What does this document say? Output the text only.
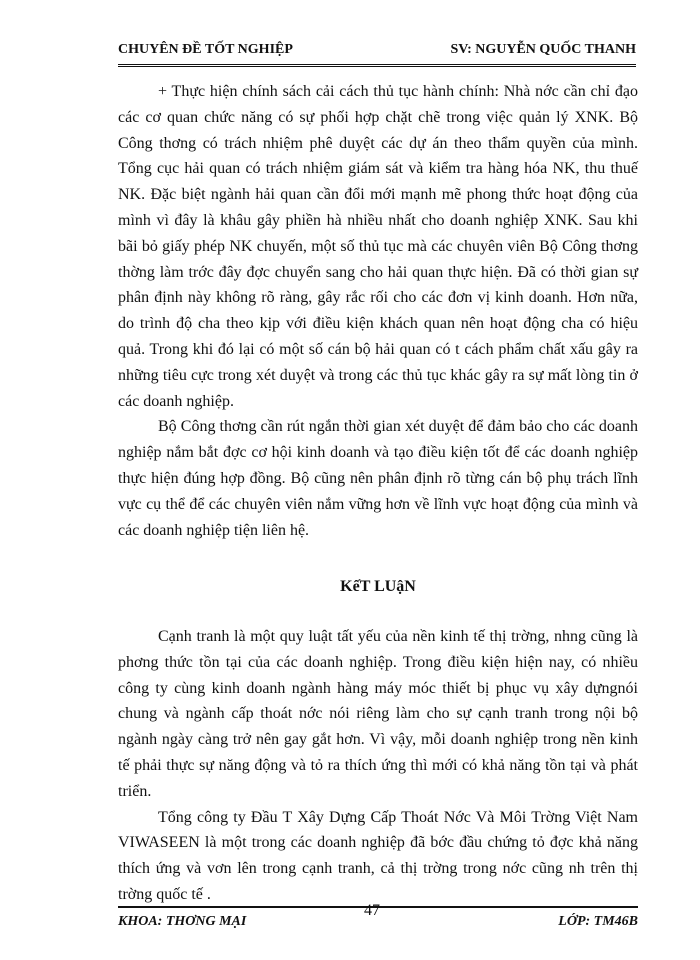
CHUYÊN ĐỀ TỐT NGHIỆP	SV: NGUYỄN QUỐC THANH

+ Thực hiện chính sách cải cách thủ tục hành chính: Nhà nớc cần chỉ đạo các cơ quan chức năng có sự phối hợp chặt chẽ trong việc quản lý XNK. Bộ Công thơng có trách nhiệm phê duyệt các dự án theo thẩm quyền của mình. Tổng cục hải quan có trách nhiệm giám sát và kiểm tra hàng hóa NK, thu thuế NK. Đặc biệt ngành hải quan cần đổi mới mạnh mẽ phong thức hoạt động của mình vì đây là khâu gây phiền hà nhiều nhất cho doanh nghiệp XNK. Sau khi bãi bỏ giấy phép NK chuyến, một số thủ tục mà các chuyên viên Bộ Công thơng thờng làm trớc đây đợc chuyển sang cho hải quan thực hiện. Đã có thời gian sự phân định này không rõ ràng, gây rắc rối cho các đơn vị kinh doanh. Hơn nữa, do trình độ cha theo kịp với điều kiện khách quan nên hoạt động cha có hiệu quả. Trong khi đó lại có một số cán bộ hải quan có t cách phẩm chất xấu gây ra những tiêu cực trong xét duyệt và trong các thủ tục khác gây ra sự mất lòng tin ở các doanh nghiệp.

Bộ Công thơng cần rút ngắn thời gian xét duyệt để đảm bảo cho các doanh nghiệp nắm bắt đợc cơ hội kinh doanh và tạo điều kiện tốt để các doanh nghiệp thực hiện đúng hợp đồng. Bộ cũng nên phân định rõ từng cán bộ phụ trách lĩnh vực cụ thể để các chuyên viên nắm vững hơn về lĩnh vực hoạt động của mình và các doanh nghiệp tiện liên hệ.

KếT LUậN

Cạnh tranh là một quy luật tất yếu của nền kinh tế thị trờng, nhng cũng là phơng thức tồn tại của các doanh nghiệp. Trong điều kiện hiện nay, có nhiều công ty cùng kinh doanh ngành hàng máy móc thiết bị phục vụ xây dựngnói chung và ngành cấp thoát nớc nói riêng làm cho sự cạnh tranh trong nội bộ ngành ngày càng trở nên gay gắt hơn. Vì vậy, mỗi doanh nghiệp trong nền kinh tế phải thực sự năng động và tỏ ra thích ứng thì mới có khả năng tồn tại và phát triển.

Tổng công ty Đầu T Xây Dựng Cấp Thoát Nớc Và Môi Trờng Việt Nam VIWASEEN là một trong các doanh nghiệp đã bớc đầu chứng tỏ đợc khả năng thích ứng và vơn lên trong cạnh tranh, cả thị trờng trong nớc cũng nh trên thị trờng quốc tế .

KHOA: THƠNG MẠI
47
LỚP: TM46B
